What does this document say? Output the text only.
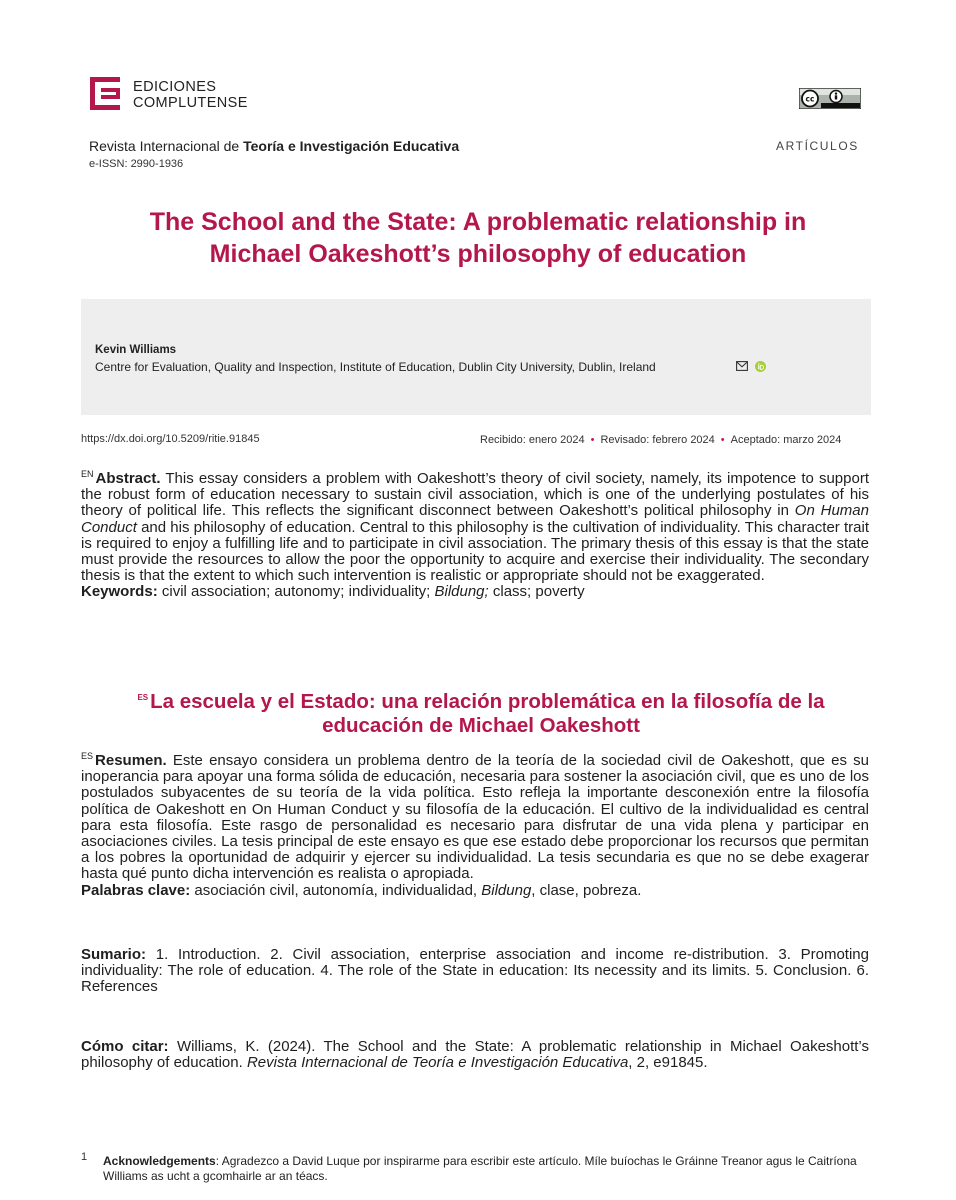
EDICIONES
COMPLUTENSE	cc
Revista Internacional de Teoría e Investigación Educativa
e-ISSN: 2990-1936
ARTÍCULOS
The School and the State: A problematic relationship in
Michael Oakeshott’s philosophy of education
Kevin Williams
Centre for Evaluation, Quality and Inspection, Institute of Education, Dublin City University, Dublin, Ireland
https://dx.doi.org/10.5209/ritie.91845	Recibido: enero 2024 • Revisado: febrero 2024 • Aceptado: marzo 2024
$^{EN}$ Abstract. This essay considers a problem with Oakeshott’s theory of civil society, namely, its impotence to support the robust form of education necessary to sustain civil association, which is one of the underlying postulates of his theory of political life. This reflects the significant disconnect between Oakeshott’s political philosophy in On Human Conduct and his philosophy of education. Central to this philosophy is the cultivation of individuality. This character trait is required to enjoy a fulfilling life and to participate in civil association. The primary thesis of this essay is that the state must provide the resources to allow the poor the opportunity to acquire and exercise their individuality. The secondary thesis is that the extent to which such intervention is realistic or appropriate should not be exaggerated.
Keywords: civil association; autonomy; individuality; Bildung; class; poverty
$^{ES}$La escuela y el Estado: una relación problemática en la filosofía de la
educación de Michael Oakeshott
$^{ES}$ Resumen. Este ensayo considera un problema dentro de la teoría de la sociedad civil de Oakeshott, que es su inoperancia para apoyar una forma sólida de educación, necesaria para sostener la asociación civil, que es uno de los postulados subyacentes de su teoría de la vida política. Esto refleja la importante desconexión entre la filosofía política de Oakeshott en On Human Conduct y su filosofía de la educación. El cultivo de la individualidad es central para esta filosofía. Este rasgo de personalidad es necesario para disfrutar de una vida plena y participar en asociaciones civiles. La tesis principal de este ensayo es que ese estado debe proporcionar los recursos que permitan a los pobres la oportunidad de adquirir y ejercer su individualidad. La tesis secundaria es que no se debe exagerar hasta qué punto dicha intervención es realista o apropiada.
Palabras clave: asociación civil, autonomía, individualidad, Bildung, clase, pobreza.
Sumario: 1. Introduction. 2. Civil association, enterprise association and income re-distribution. 3. Promoting individuality: The role of education. 4. The role of the State in education: Its necessity and its limits. 5. Conclusion. 6. References
Cómo citar: Williams, K. (2024). The School and the State: A problematic relationship in Michael Oakeshott’s philosophy of education. Revista Internacional de Teoría e Investigación Educativa, 2, e91845.
1 Acknowledgements: Agradezco a David Luque por inspirarme para escribir este artículo. Míle buíochas le Gráinne Treanor agus le Caitríona Williams as ucht a gcomhairle ar an téacs.
